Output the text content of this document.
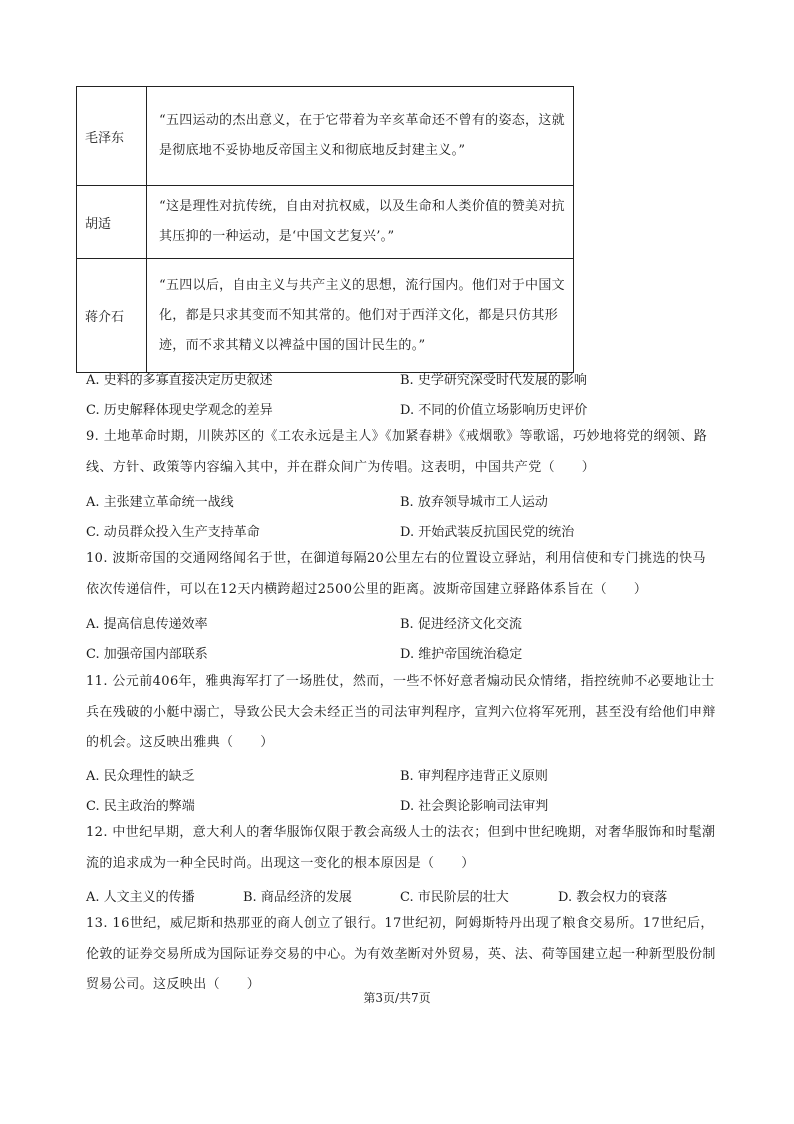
毛泽东	“五四运动的杰出意义，在于它带着为辛亥革命还不曾有的姿态，这就是彻底地不妥协地反帝国主义和彻底地反封建主义。”
胡适	“这是理性对抗传统，自由对抗权威，以及生命和人类价值的赞美对抗其压抑的一种运动，是‘中国文艺复兴’。”
蒋介石	“五四以后，自由主义与共产主义的思想，流行国内。他们对于中国文化，都是只求其变而不知其常的。他们对于西洋文化，都是只仿其形迹，而不求其精义以裨益中国的国计民生的。”
A. 史料的多寡直接决定历史叙述	B. 史学研究深受时代发展的影响
C. 历史解释体现史学观念的差异	D. 不同的价值立场影响历史评价
9. 土地革命时期，川陕苏区的《工农永远是主人》《加紧春耕》《戒烟歌》等歌谣，巧妙地将党的纲领、路线、方针、政策等内容编入其中，并在群众间广为传唱。这表明，中国共产党（　　）
A. 主张建立革命统一战线	B. 放弃领导城市工人运动
C. 动员群众投入生产支持革命	D. 开始武装反抗国民党的统治
10. 波斯帝国的交通网络闻名于世，在御道每隔20公里左右的位置设立驿站，利用信使和专门挑选的快马依次传递信件，可以在12天内横跨超过2500公里的距离。波斯帝国建立驿路体系旨在（　　）
A. 提高信息传递效率	B. 促进经济文化交流
C. 加强帝国内部联系	D. 维护帝国统治稳定
11. 公元前406年，雅典海军打了一场胜仗，然而，一些不怀好意者煽动民众情绪，指控统帅不必要地让士兵在残破的小艇中溺亡，导致公民大会未经正当的司法审判程序，宣判六位将军死刑，甚至没有给他们申辩的机会。这反映出雅典（　　）
A. 民众理性的缺乏	B. 审判程序违背正义原则
C. 民主政治的弊端	D. 社会舆论影响司法审判
12. 中世纪早期，意大利人的奢华服饰仅限于教会高级人士的法衣；但到中世纪晚期，对奢华服饰和时髦潮流的追求成为一种全民时尚。出现这一变化的根本原因是（　　）
A. 人文主义的传播	B. 商品经济的发展	C. 市民阶层的壮大	D. 教会权力的衰落
13. 16世纪，威尼斯和热那亚的商人创立了银行。17世纪初，阿姆斯特丹出现了粮食交易所。17世纪后，伦敦的证券交易所成为国际证券交易的中心。为有效垄断对外贸易，英、法、荷等国建立起一种新型股份制贸易公司。这反映出（　　）
第3页/共7页
